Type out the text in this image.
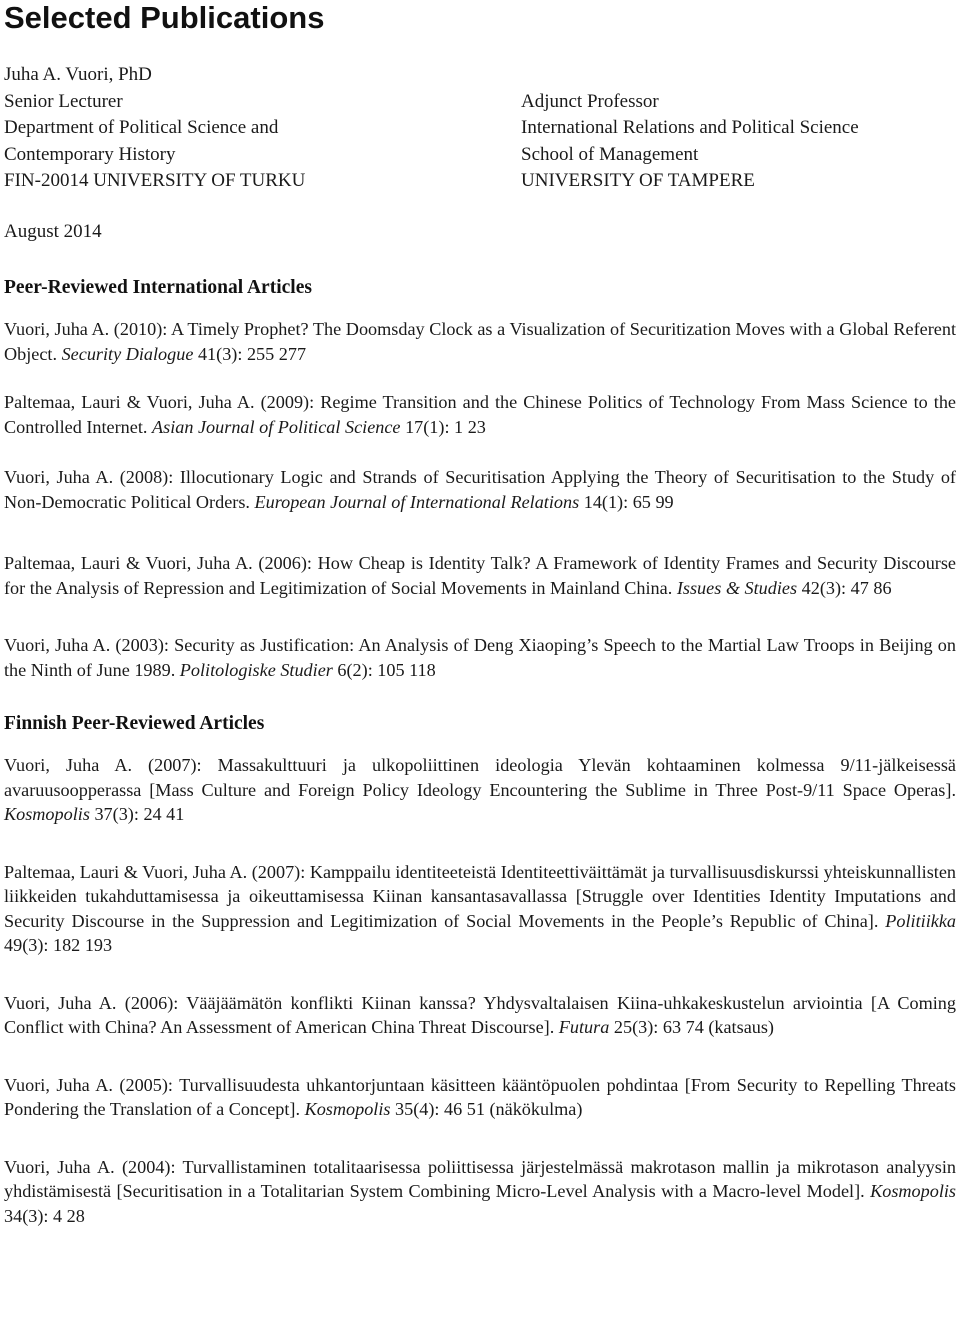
Selected Publications
Juha A. Vuori, PhD
Senior Lecturer
Department of Political Science and
Contemporary History
FIN-20014 UNIVERSITY OF TURKU
Adjunct Professor
International Relations and Political Science
School of Management
UNIVERSITY OF TAMPERE
August 2014
Peer-Reviewed International Articles

Vuori, Juha A. (2010): A Timely Prophet? The Doomsday Clock as a Visualization of Securitization Moves with a Global Referent Object. Security Dialogue 41(3): 255 277

Paltemaa, Lauri & Vuori, Juha A. (2009): Regime Transition and the Chinese Politics of Technology From Mass Science to the Controlled Internet. Asian Journal of Political Science 17(1): 1 23

Vuori, Juha A. (2008): Illocutionary Logic and Strands of Securitisation Applying the Theory of Securitisation to the Study of Non-Democratic Political Orders. European Journal of International Relations 14(1): 65 99

Paltemaa, Lauri & Vuori, Juha A. (2006): How Cheap is Identity Talk? A Framework of Identity Frames and Security Discourse for the Analysis of Repression and Legitimization of Social Movements in Mainland China. Issues & Studies 42(3): 47 86

Vuori, Juha A. (2003): Security as Justification: An Analysis of Deng Xiaoping’s Speech to the Martial Law Troops in Beijing on the Ninth of June 1989. Politologiske Studier 6(2): 105 118

Finnish Peer-Reviewed Articles

Vuori, Juha A. (2007): Massakulttuuri ja ulkopoliittinen ideologia Ylevän kohtaaminen kolmessa 9/11-jälkeisessä avaruusoopperassa [Mass Culture and Foreign Policy Ideology Encountering the Sublime in Three Post-9/11 Space Operas]. Kosmopolis 37(3): 24 41

Paltemaa, Lauri & Vuori, Juha A. (2007): Kamppailu identiteeteistä Identiteettiväittämät ja turvallisuusdiskurssi yhteiskunnallisten liikkeiden tukahduttamisessa ja oikeuttamisessa Kiinan kansantasavallassa [Struggle over Identities Identity Imputations and Security Discourse in the Suppression and Legitimization of Social Movements in the People’s Republic of China]. Politiikka 49(3): 182 193

Vuori, Juha A. (2006): Vääjäämätön konflikti Kiinan kanssa? Yhdysvaltalaisen Kiina-uhkakeskustelun arviointia [A Coming Conflict with China? An Assessment of American China Threat Discourse]. Futura 25(3): 63 74 (katsaus)

Vuori, Juha A. (2005): Turvallisuudesta uhkantorjuntaan käsitteen kääntöpuolen pohdintaa [From Security to Repelling Threats Pondering the Translation of a Concept]. Kosmopolis 35(4): 46 51 (näkökulma)

Vuori, Juha A. (2004): Turvallistaminen totalitaarisessa poliittisessa järjestelmässä makrotason mallin ja mikrotason analyysin yhdistämisestä [Securitisation in a Totalitarian System Combining Micro-Level Analysis with a Macro-level Model]. Kosmopolis 34(3): 4 28
